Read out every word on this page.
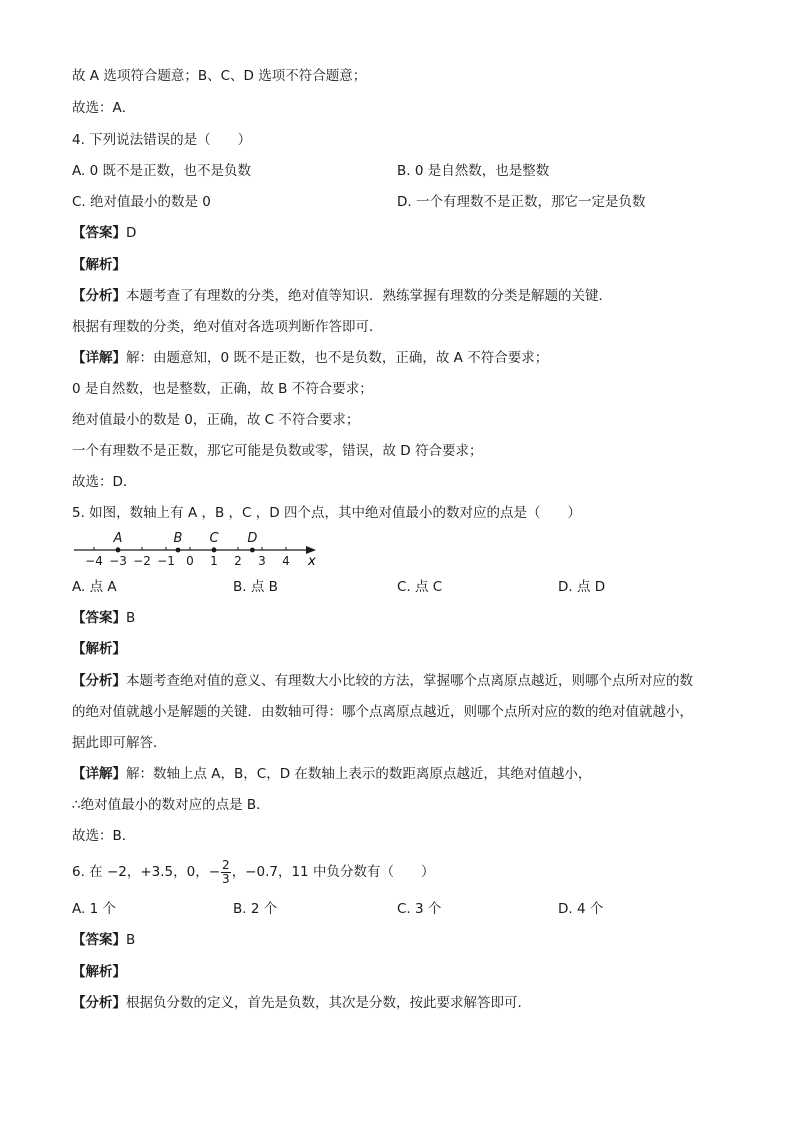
故 A 选项符合题意；B、C、D 选项不符合题意；
故选：A．
4. 下列说法错误的是（　　）
A. 0 既不是正数，也不是负数	B. 0 是自然数，也是整数
C. 绝对值最小的数是 0	D. 一个有理数不是正数，那它一定是负数
【答案】D
【解析】
【分析】本题考查了有理数的分类，绝对值等知识．熟练掌握有理数的分类是解题的关键．
根据有理数的分类，绝对值对各选项判断作答即可．
【详解】解：由题意知，0 既不是正数，也不是负数，正确，故 A 不符合要求；
0 是自然数，也是整数，正确，故 B 不符合要求；
绝对值最小的数是 0，正确，故 C 不符合要求；
一个有理数不是正数，那它可能是负数或零，错误，故 D 符合要求；
故选：D．
5. 如图，数轴上有 A ，B ，C ，D 四个点，其中绝对值最小的数对应的点是（　　）
−4 −3 −2 −1 0 1 2 3 4
A	B C D
x
A. 点 A	B. 点 B	C. 点 C	D. 点 D
【答案】B
【解析】
【分析】本题考查绝对值的意义、有理数大小比较的方法，掌握哪个点离原点越近，则哪个点所对应的数
的绝对值就越小是解题的关键．由数轴可得：哪个点离原点越近，则哪个点所对应的数的绝对值就越小，
据此即可解答．
【详解】解：数轴上点 A，B，C，D 在数轴上表示的数距离原点越近，其绝对值越小，
∴绝对值最小的数对应的点是 B．
故选：B．
6. 在 −2，+3.5，0，− $\frac{2}{3}$ ，−0.7，11 中负分数有（　　）
A. 1 个	B. 2 个	C. 3 个	D. 4 个
【答案】B
【解析】
【分析】根据负分数的定义，首先是负数，其次是分数，按此要求解答即可．
